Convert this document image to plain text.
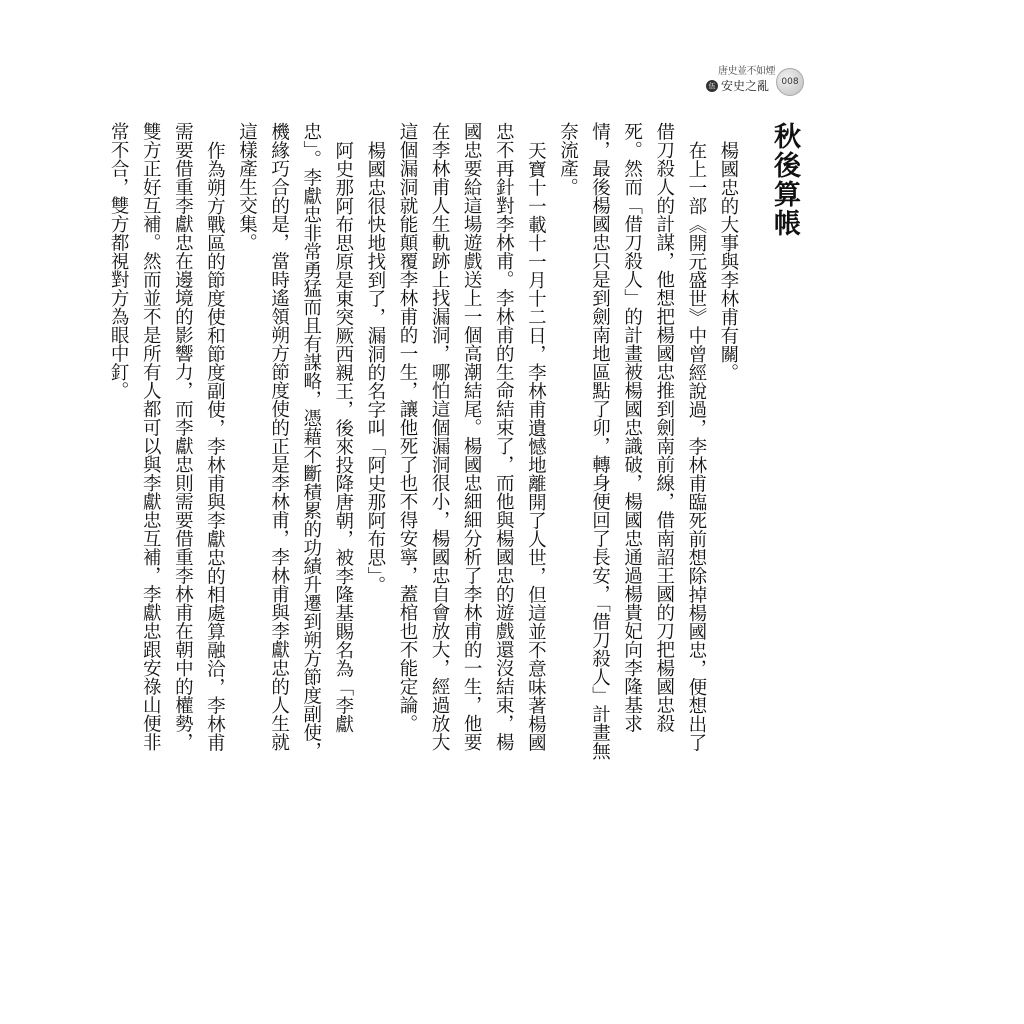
唐史並不如煙
伍 安史之亂	008
秋後算帳

楊國忠的大事與李林甫有關。

在上一部《開元盛世》中曾經說過，李林甫臨死前想除掉楊國忠，便想出了借刀殺人的計謀，他想把楊國忠推到劍南前線，借南詔王國的刀把楊國忠殺死。然而「借刀殺人」的計畫被楊國忠識破，楊國忠通過楊貴妃向李隆基求情，最後楊國忠只是到劍南地區點了卯，轉身便回了長安，「借刀殺人」計畫無奈流產。

天寶十一載十一月十二日，李林甫遺憾地離開了人世，但這並不意味著楊國忠不再針對李林甫。李林甫的生命結束了，而他與楊國忠的遊戲還沒結束，楊國忠要給這場遊戲送上一個高潮結尾。楊國忠細細分析了李林甫的一生，他要在李林甫人生軌跡上找漏洞，哪怕這個漏洞很小，楊國忠自會放大，經過放大這個漏洞就能顛覆李林甫的一生，讓他死了也不得安寧，蓋棺也不能定論。

楊國忠很快地找到了，漏洞的名字叫「阿史那阿布思」。

阿史那阿布思原是東突厥西親王，後來投降唐朝，被李隆基賜名為「李獻忠」。李獻忠非常勇猛而且有謀略，憑藉不斷積累的功績升遷到朔方節度副使，機緣巧合的是，當時遙領朔方節度使的正是李林甫，李林甫與李獻忠的人生就這樣產生交集。

作為朔方戰區的節度使和節度副使，李林甫與李獻忠的相處算融洽，李林甫需要借重李獻忠在邊境的影響力，而李獻忠則需要借重李林甫在朝中的權勢，雙方正好互補。然而並不是所有人都可以與李獻忠互補，李獻忠跟安祿山便非常不合，雙方都視對方為眼中釘。
